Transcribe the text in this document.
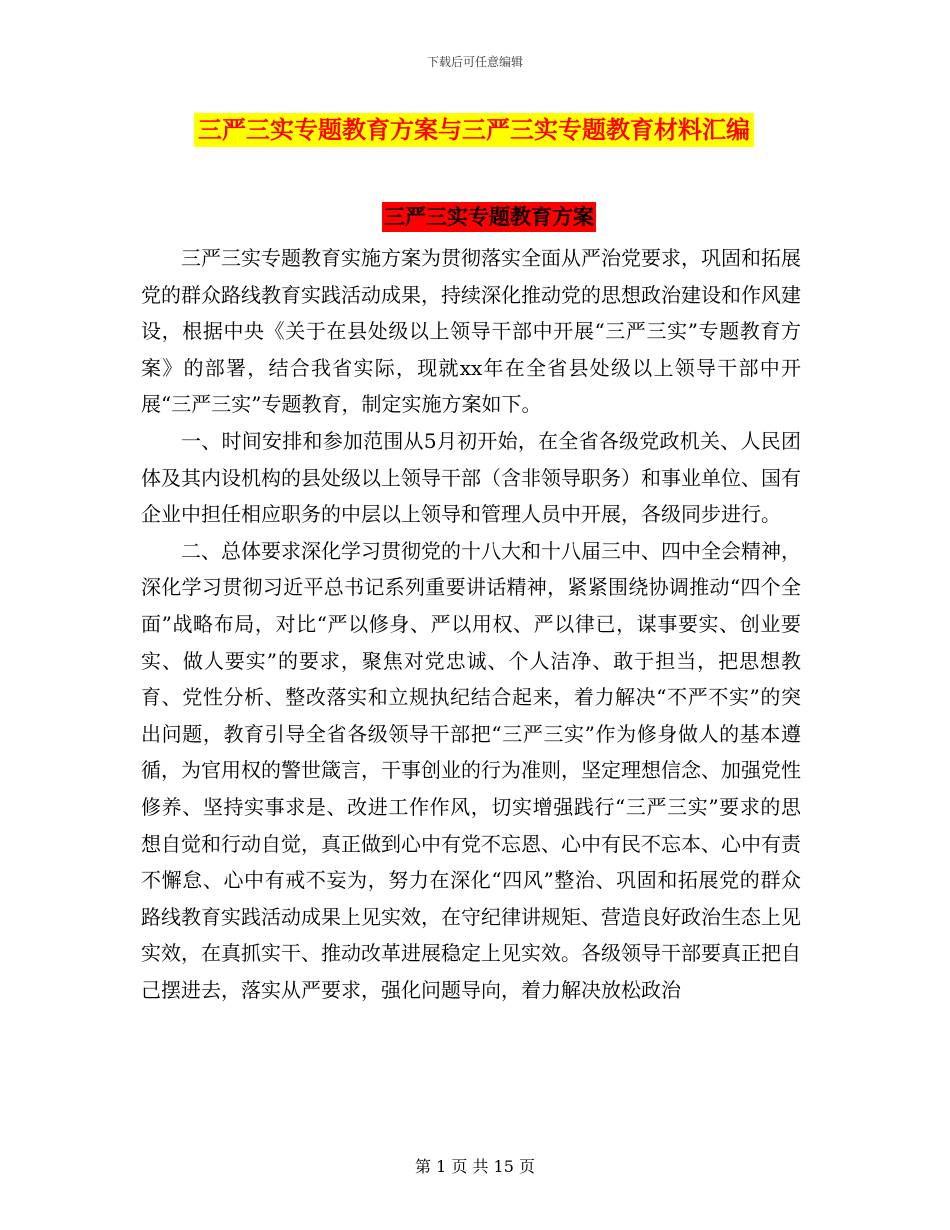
下载后可任意编辑
三严三实专题教育方案与三严三实专题教育材料汇编
三严三实专题教育方案

三严三实专题教育实施方案为贯彻落实全面从严治党要求，巩固和拓展党的群众路线教育实践活动成果，持续深化推动党的思想政治建设和作风建设，根据中央《关于在县处级以上领导干部中开展“三严三实”专题教育方案》的部署，结合我省实际，现就xx年在全省县处级以上领导干部中开展“三严三实”专题教育，制定实施方案如下。

一、时间安排和参加范围从5月初开始，在全省各级党政机关、人民团体及其内设机构的县处级以上领导干部（含非领导职务）和事业单位、国有企业中担任相应职务的中层以上领导和管理人员中开展，各级同步进行。

二、总体要求深化学习贯彻党的十八大和十八届三中、四中全会精神，深化学习贯彻习近平总书记系列重要讲话精神，紧紧围绕协调推动“四个全面”战略布局，对比“严以修身、严以用权、严以律已，谋事要实、创业要实、做人要实”的要求，聚焦对党忠诚、个人洁净、敢于担当，把思想教育、党性分析、整改落实和立规执纪结合起来，着力解决“不严不实”的突出问题，教育引导全省各级领导干部把“三严三实”作为修身做人的基本遵循，为官用权的警世箴言，干事创业的行为准则，坚定理想信念、加强党性修养、坚持实事求是、改进工作作风，切实增强践行“三严三实”要求的思想自觉和行动自觉，真正做到心中有党不忘恩、心中有民不忘本、心中有责不懈怠、心中有戒不妄为，努力在深化“四风”整治、巩固和拓展党的群众路线教育实践活动成果上见实效，在守纪律讲规矩、营造良好政治生态上见实效，在真抓实干、推动改革进展稳定上见实效。各级领导干部要真正把自己摆进去，落实从严要求，强化问题导向，着力解决放松政治

第 1 页 共 15 页
